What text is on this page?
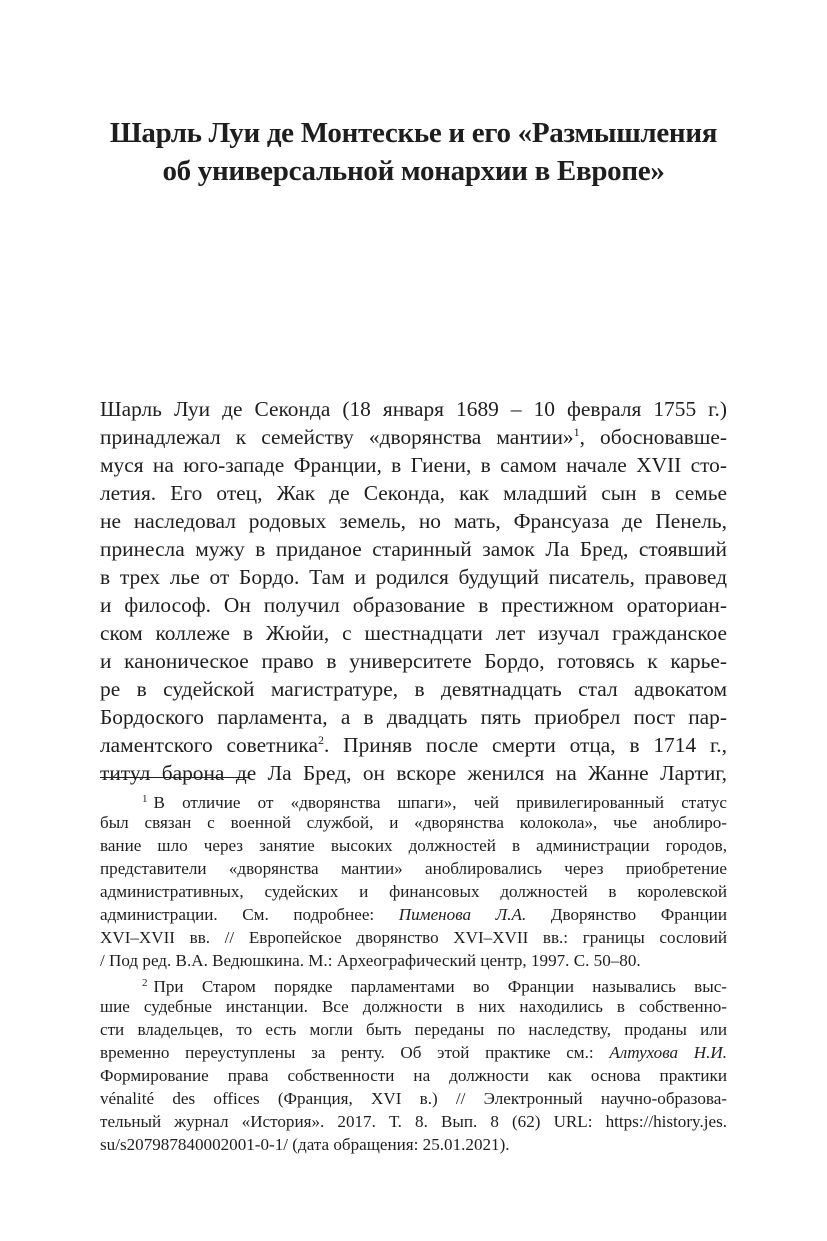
Шарль Луи де Монтескье и его «Размышления
об универсальной монархии в Европе»
Шарль Луи де Секонда (18 января 1689 – 10 февраля 1755 г.)
принадлежал к семейству «дворянства мантии»$^1$, обосновавше-
муся на юго-западе Франции, в Гиени, в самом начале XVII сто-
летия. Его отец, Жак де Секонда, как младший сын в семье
не наследовал родовых земель, но мать, Франсуаза де Пенель,
принесла мужу в приданое старинный замок Ла Бред, стоявший
в трех лье от Бордо. Там и родился будущий писатель, правовед
и философ. Он получил образование в престижном ораториан-
ском коллеже в Жюйи, с шестнадцати лет изучал гражданское
и каноническое право в университете Бордо, готовясь к карье-
ре в судейской магистратуре, в девятнадцать стал адвокатом
Бордоского парламента, а в двадцать пять приобрел пост пар-
ламентского советника$^2$. Приняв после смерти отца, в 1714 г.,
титул барона де Ла Бред, он вскоре женился на Жанне Лартиг,
$^1$ В отличие от «дворянства шпаги», чей привилегированный статус
был связан с военной службой, и «дворянства колокола», чье аноблиро-
вание шло через занятие высоких должностей в администрации городов,
представители «дворянства мантии» аноблировались через приобретение
административных, судейских и финансовых должностей в королевской
администрации. См. подробнее: Пименова Л.А. Дворянство Франции
XVI–XVII вв. // Европейское дворянство XVI–XVII вв.: границы сословий
/ Под ред. В.А. Ведюшкина. М.: Археографический центр, 1997. С. 50–80.
$^2$ При Старом порядке парламентами во Франции назывались выс-
шие судебные инстанции. Все должности в них находились в собственно-
сти владельцев, то есть могли быть переданы по наследству, проданы или
временно переуступлены за ренту. Об этой практике см.: Алтухова Н.И.
Формирование права собственности на должности как основа практики
vénalité des offices (Франция, XVI в.) // Электронный научно-образова-
тельный журнал «История». 2017. Т. 8. Вып. 8 (62) URL: https://history.jes.
su/s207987840002001-0-1/ (дата обращения: 25.01.2021).
